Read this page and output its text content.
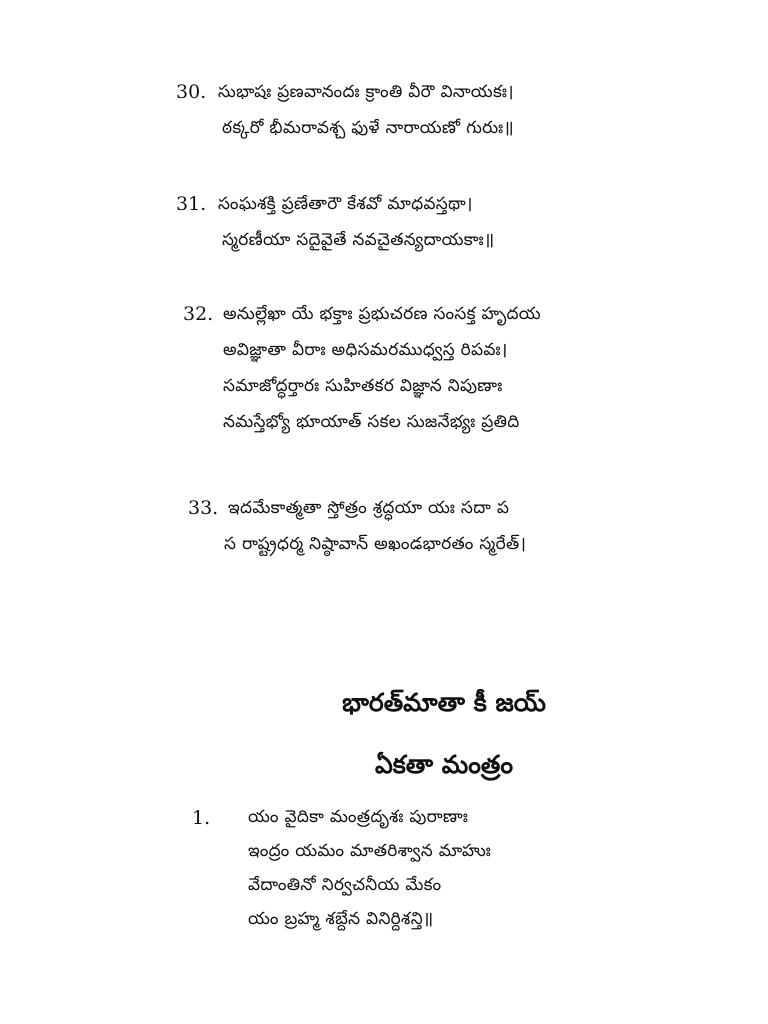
30. సుభాషః ప్రణవానందః క్రాంతి వీరౌ వినాయకః।
ఠక్కరో భీమరావశ్చ ఫుళే నారాయణో గురుః॥
31. సంఘశక్తి ప్రణేతారౌ కేశవో మాధవస్తథా।
స్మరణీయా సదైవైతే నవచైతన్యదాయకాః॥
32. అనుల్లేఖా యే భక్తాః ప్రభుచరణ సంసక్త హృదయ
అవిజ్ఞాతా వీరాః అధిసమరముధ్వస్త రిపవః।
సమాజోద్ధర్తారః సుహితకర విజ్ఞాన నిపుణాః
నమస్తేభ్యో భూయాత్ సకల సుజనేభ్యః ప్రతిది
33. ఇదమేకాత్మతా స్తోత్రం శ్రద్ధయా యః సదా ప
స రాష్ట్రధర్మ నిష్ఠావాన్ అఖండభారతం స్మరేత్।
భారత్‌మాతా కీ జయ్
ఏకతా మంత్రం
1.	యం వైదికా మంత్రదృశః పురాణాః
ఇంద్రం యమం మాతరిశ్వాన మాహుః
వేదాంతినో నిర్వచనీయ మేకం
యం బ్రహ్మ శబ్దేన వినిర్దిశన్తి॥
